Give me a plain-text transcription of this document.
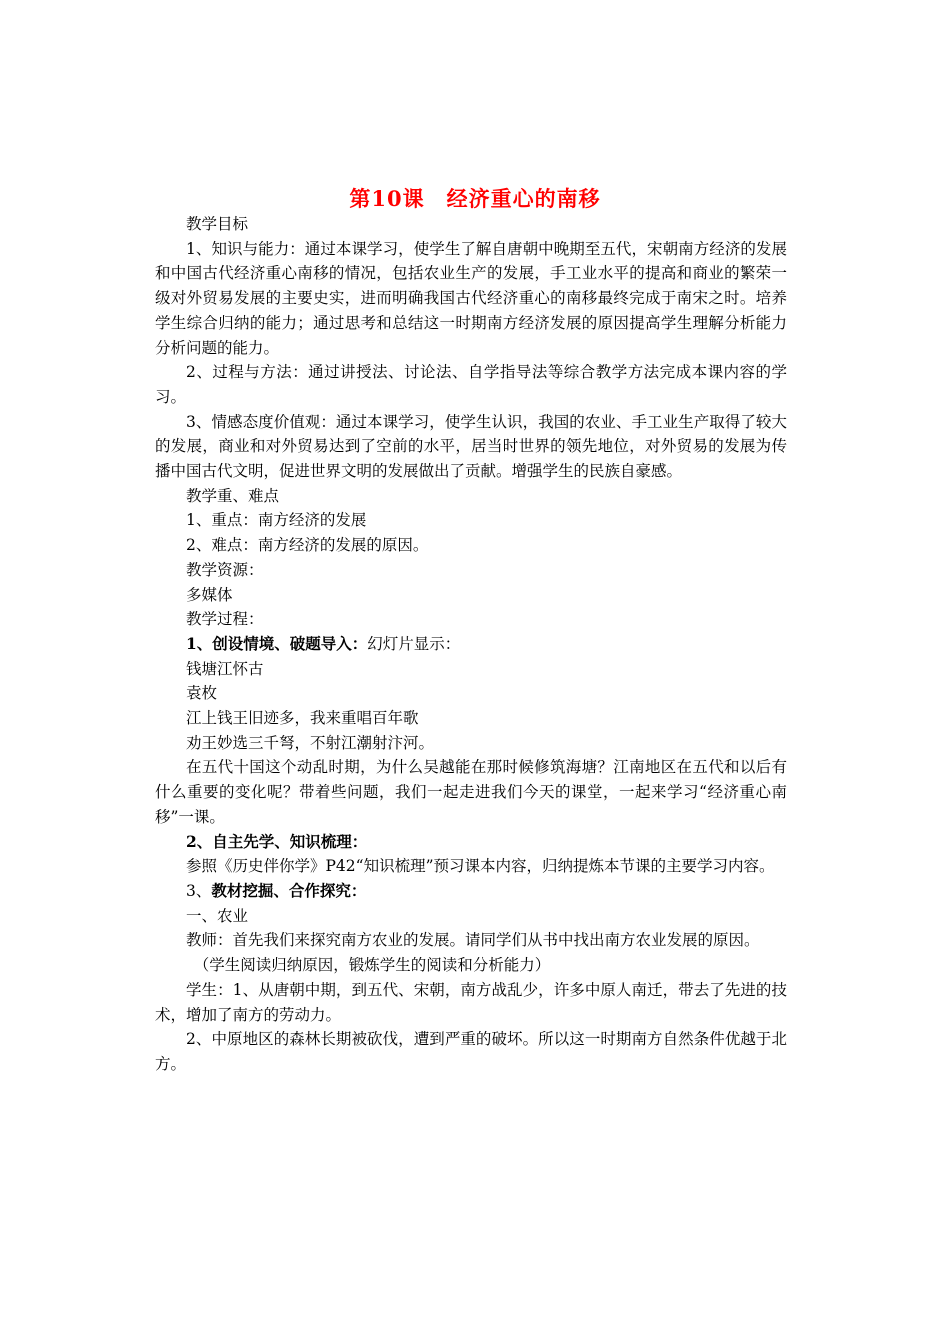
第10课　经济重心的南移

教学目标

1、知识与能力：通过本课学习，使学生了解自唐朝中晚期至五代，宋朝南方经济的发展和中国古代经济重心南移的情况，包括农业生产的发展，手工业水平的提高和商业的繁荣一级对外贸易发展的主要史实，进而明确我国古代经济重心的南移最终完成于南宋之时。培养学生综合归纳的能力；通过思考和总结这一时期南方经济发展的原因提高学生理解分析能力分析问题的能力。

2、过程与方法：通过讲授法、讨论法、自学指导法等综合教学方法完成本课内容的学习。

3、情感态度价值观：通过本课学习，使学生认识，我国的农业、手工业生产取得了较大的发展，商业和对外贸易达到了空前的水平，居当时世界的领先地位，对外贸易的发展为传播中国古代文明，促进世界文明的发展做出了贡献。增强学生的民族自豪感。

教学重、难点

1、重点：南方经济的发展

2、难点：南方经济的发展的原因。

教学资源：

多媒体

教学过程：

1、创设情境、破题导入：幻灯片显示：

钱塘江怀古

袁枚

江上钱王旧迹多，我来重唱百年歌

劝王妙选三千弩，不射江潮射汴河。

在五代十国这个动乱时期，为什么吴越能在那时候修筑海塘？江南地区在五代和以后有什么重要的变化呢？带着些问题，我们一起走进我们今天的课堂，一起来学习“经济重心南移”一课。

2、自主先学、知识梳理：

参照《历史伴你学》P42“知识梳理”预习课本内容，归纳提炼本节课的主要学习内容。

3、教材挖掘、合作探究：

一、农业

教师：首先我们来探究南方农业的发展。请同学们从书中找出南方农业发展的原因。

（学生阅读归纳原因，锻炼学生的阅读和分析能力）

学生：1、从唐朝中期，到五代、宋朝，南方战乱少，许多中原人南迁，带去了先进的技术，增加了南方的劳动力。

2、中原地区的森林长期被砍伐，遭到严重的破坏。所以这一时期南方自然条件优越于北方。
